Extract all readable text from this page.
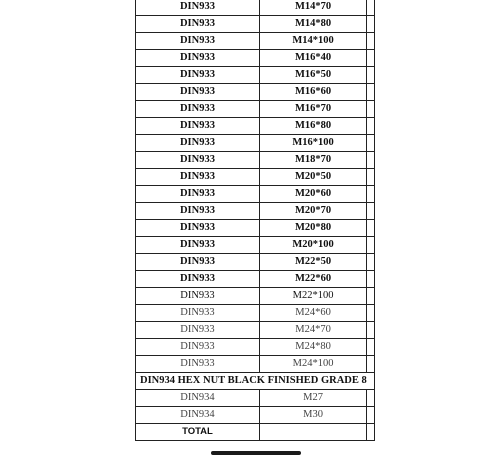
DIN933	M14*70	
DIN933	M14*80	
DIN933	M14*100	
DIN933	M16*40	
DIN933	M16*50	
DIN933	M16*60	
DIN933	M16*70	
DIN933	M16*80	
DIN933	M16*100	
DIN933	M18*70	
DIN933	M20*50	
DIN933	M20*60	
DIN933	M20*70	
DIN933	M20*80	
DIN933	M20*100	
DIN933	M22*50	
DIN933	M22*60	
DIN933	M22*100	
DIN933	M24*60	
DIN933	M24*70	
DIN933	M24*80	
DIN933	M24*100	
DIN934 HEX NUT BLACK FINISHED GRADE 8		
DIN934	M27	
DIN934	M30	
TOTAL		
